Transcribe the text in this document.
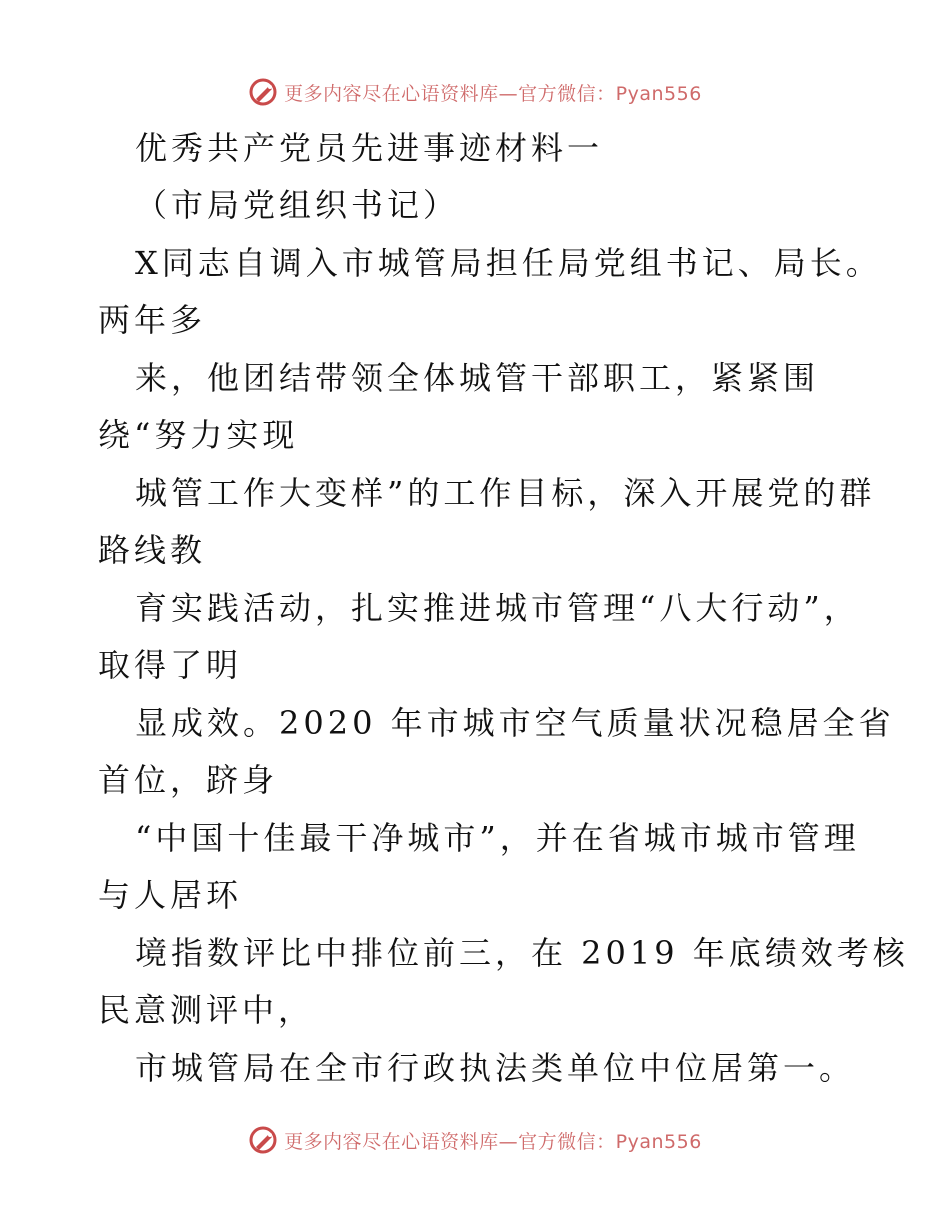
更多内容尽在心语资料库—官方微信：Pyan556
优秀共产党员先进事迹材料一
（市局党组织书记）
X同志自调入市城管局担任局党组书记、局长。
两年多
来，他团结带领全体城管干部职工，紧紧围
绕“努力实现
城管工作大变样”的工作目标，深入开展党的群
路线教
育实践活动，扎实推进城市管理“八大行动”，
取得了明
显成效。2020 年市城市空气质量状况稳居全省
首位，跻身
“中国十佳最干净城市”，并在省城市城市管理
与人居环
境指数评比中排位前三，在 2019 年底绩效考核
民意测评中，
市城管局在全市行政执法类单位中位居第一。
更多内容尽在心语资料库—官方微信：Pyan556
